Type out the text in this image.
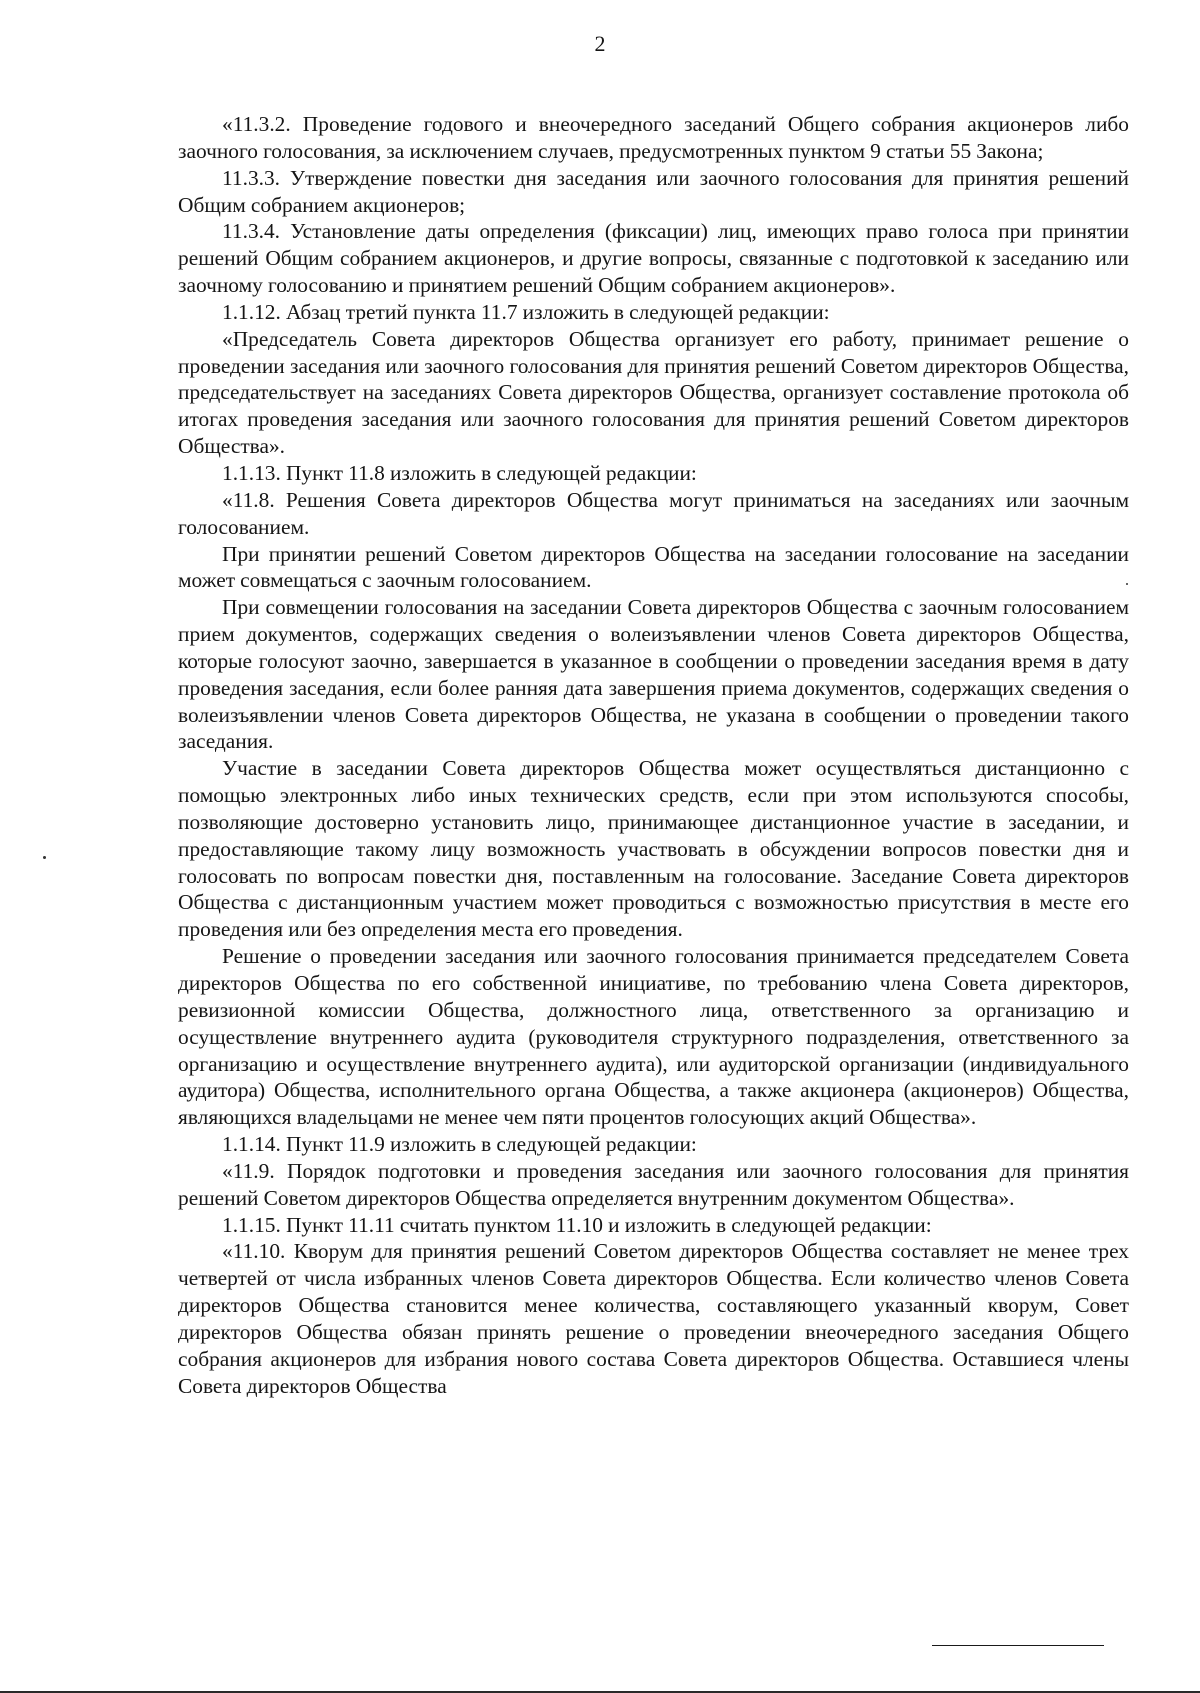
2

«11.3.2. Проведение годового и внеочередного заседаний Общего собрания акционеров либо заочного голосования, за исключением случаев, предусмотренных пунктом 9 статьи 55 Закона;

11.3.3. Утверждение повестки дня заседания или заочного голосования для принятия решений Общим собранием акционеров;

11.3.4. Установление даты определения (фиксации) лиц, имеющих право голоса при принятии решений Общим собранием акционеров, и другие вопросы, связанные с подготовкой к заседанию или заочному голосованию и принятием решений Общим собранием акционеров».

1.1.12. Абзац третий пункта 11.7 изложить в следующей редакции:

«Председатель Совета директоров Общества организует его работу, принимает решение о проведении заседания или заочного голосования для принятия решений Советом директоров Общества, председательствует на заседаниях Совета директоров Общества, организует составление протокола об итогах проведения заседания или заочного голосования для принятия решений Советом директоров Общества».

1.1.13. Пункт 11.8 изложить в следующей редакции:

«11.8. Решения Совета директоров Общества могут приниматься на заседаниях или заочным голосованием.

При принятии решений Советом директоров Общества на заседании голосование на заседании может совмещаться с заочным голосованием.

При совмещении голосования на заседании Совета директоров Общества с заочным голосованием прием документов, содержащих сведения о волеизъявлении членов Совета директоров Общества, которые голосуют заочно, завершается в указанное в сообщении о проведении заседания время в дату проведения заседания, если более ранняя дата завершения приема документов, содержащих сведения о волеизъявлении членов Совета директоров Общества, не указана в сообщении о проведении такого заседания.

Участие в заседании Совета директоров Общества может осуществляться дистанционно с помощью электронных либо иных технических средств, если при этом используются способы, позволяющие достоверно установить лицо, принимающее дистанционное участие в заседании, и предоставляющие такому лицу возможность участвовать в обсуждении вопросов повестки дня и голосовать по вопросам повестки дня, поставленным на голосование. Заседание Совета директоров Общества с дистанционным участием может проводиться с возможностью присутствия в месте его проведения или без определения места его проведения.

Решение о проведении заседания или заочного голосования принимается председателем Совета директоров Общества по его собственной инициативе, по требованию члена Совета директоров, ревизионной комиссии Общества, должностного лица, ответственного за организацию и осуществление внутреннего аудита (руководителя структурного подразделения, ответственного за организацию и осуществление внутреннего аудита), или аудиторской организации (индивидуального аудитора) Общества, исполнительного органа Общества, а также акционера (акционеров) Общества, являющихся владельцами не менее чем пяти процентов голосующих акций Общества».

1.1.14. Пункт 11.9 изложить в следующей редакции:

«11.9. Порядок подготовки и проведения заседания или заочного голосования для принятия решений Советом директоров Общества определяется внутренним документом Общества».

1.1.15. Пункт 11.11 считать пунктом 11.10 и изложить в следующей редакции:

«11.10. Кворум для принятия решений Советом директоров Общества составляет не менее трех четвертей от числа избранных членов Совета директоров Общества. Если количество членов Совета директоров Общества становится менее количества, составляющего указанный кворум, Совет директоров Общества обязан принять решение о проведении внеочередного заседания Общего собрания акционеров для избрания нового состава Совета директоров Общества. Оставшиеся члены Совета директоров Общества
